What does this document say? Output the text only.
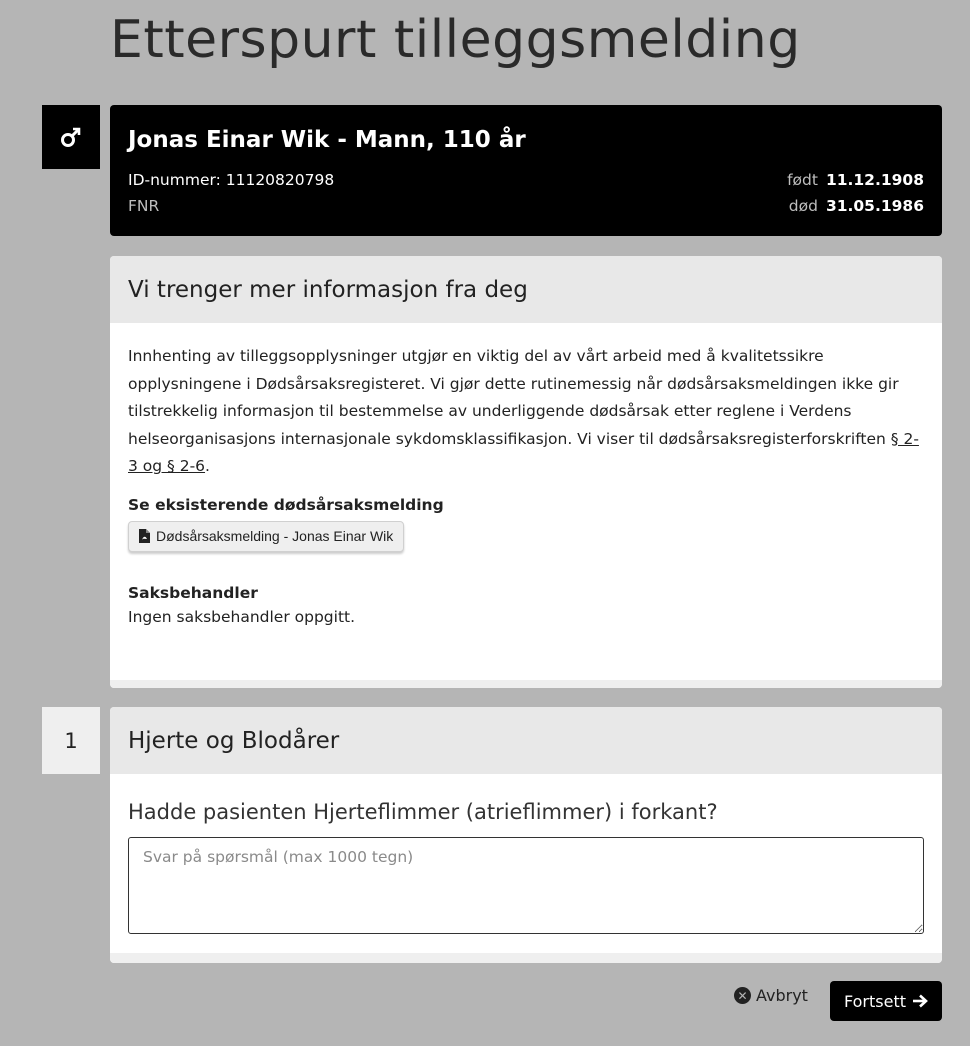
Etterspurt tilleggsmelding
Jonas Einar Wik - Mann, 110 år
ID-nummer: 11120820798	født 11.12.1908
FNR	død 31.05.1986
Vi trenger mer informasjon fra deg

Innhenting av tilleggsopplysninger utgjør en viktig del av vårt arbeid med å kvalitetssikre opplysningene i Dødsårsaksregisteret. Vi gjør dette rutinemessig når dødsårsaksmeldingen ikke gir tilstrekkelig informasjon til bestemmelse av underliggende dødsårsak etter reglene i Verdens helseorganisasjons internasjonale sykdomsklassifikasjon. Vi viser til dødsårsaksregisterforskriften § 2-3 og § 2-6.

Se eksisterende dødsårsaksmelding
Dødsårsaksmelding - Jonas Einar Wik
Saksbehandler
Ingen saksbehandler oppgitt.
1	Hjerte og Blodårer
Hadde pasienten Hjerteflimmer (atrieflimmer) i forkant?
Svar på spørsmål (max 1000 tegn)
✕ Avbryt Fortsett
